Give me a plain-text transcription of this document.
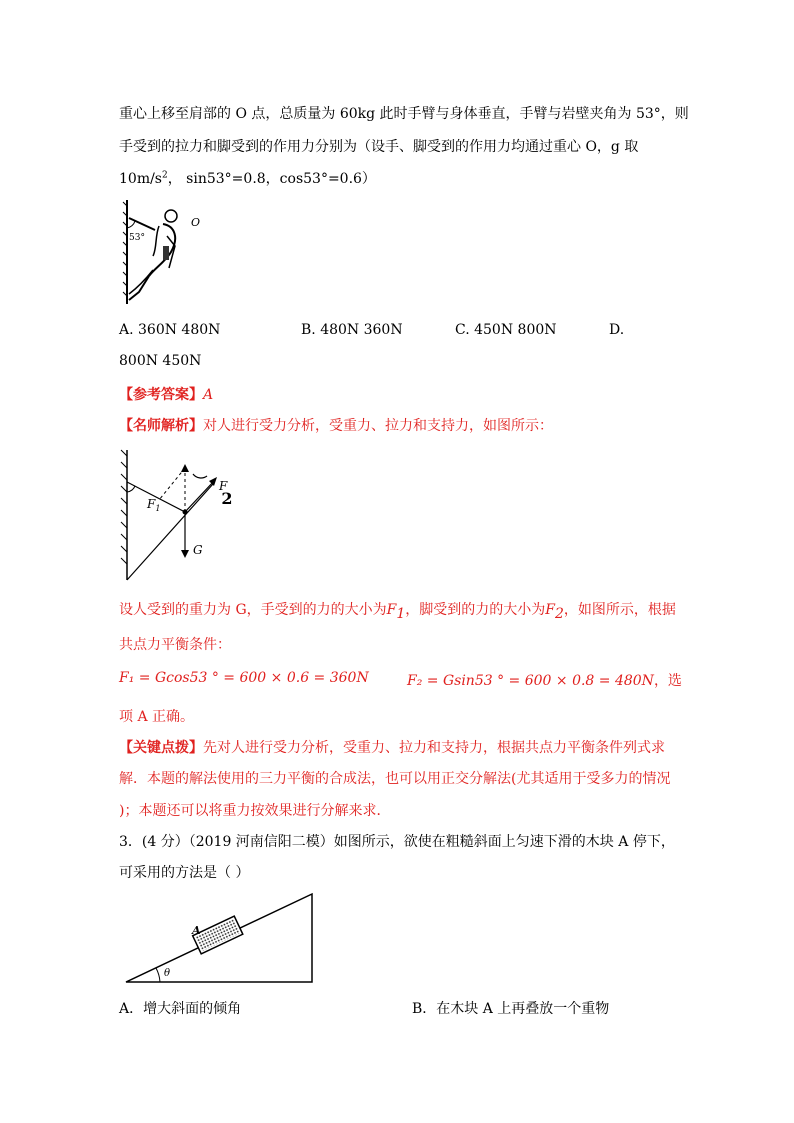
重心上移至肩部的 O 点，总质量为 60kg 此时手臂与身体垂直，手臂与岩壁夹角为 53°，则

手受到的拉力和脚受到的作用力分别为（设手、脚受到的作用力均通过重心 O，g 取

$10m/s^2$， sin53°=0.8，cos53°=0.6）

53°
O

A. 360N 480N	B. 480N 360N	C. 450N 800N	D.

800N 450N

【参考答案】A

【名师解析】对人进行受力分析，受重力、拉力和支持力，如图所示：

$F_1$
F 2
G

设人受到的重力为 G，手受到的力的大小为$F_1$，脚受到的力的大小为$F_2$，如图所示，根据

共点力平衡条件：

F₁ = Gcos53 ° = 600 × 0.6 = 360N	F₂ = Gsin53 ° = 600 × 0.8 = 480N，选

项 A 正确。

【关键点拨】先对人进行受力分析，受重力、拉力和支持力，根据共点力平衡条件列式求

解．本题的解法使用的三力平衡的合成法，也可以用正交分解法(尤其适用于受多力的情况

)；本题还可以将重力按效果进行分解来求．

3．(4 分）（2019 河南信阳二模）如图所示，欲使在粗糙斜面上匀速下滑的木块 A 停下，

可采用的方法是（ ）

θ
A

A．增大斜面的倾角	B．在木块 A 上再叠放一个重物
